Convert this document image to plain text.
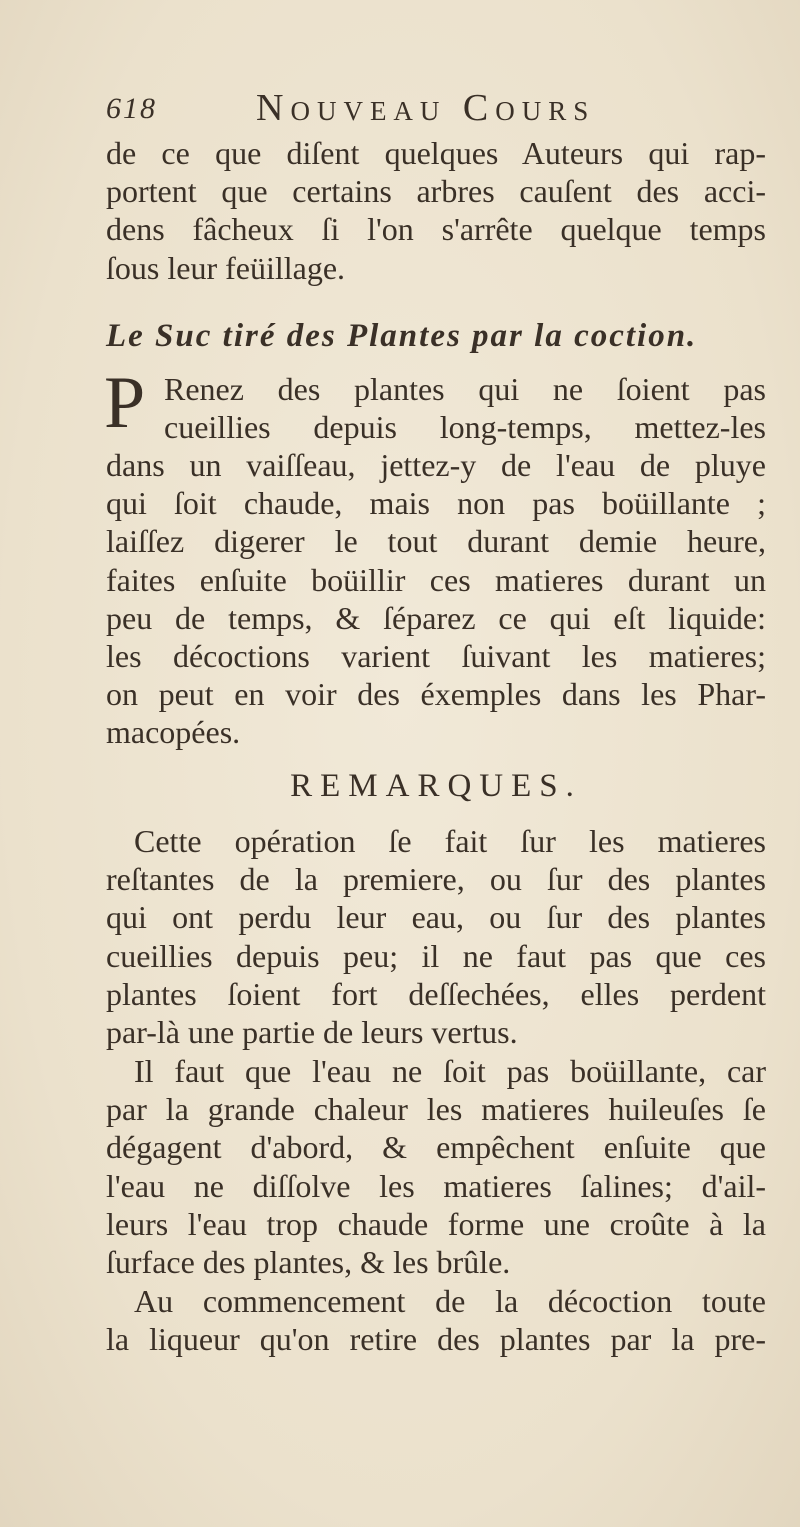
618	Nouveau Cours
de ce que diſent quelques Auteurs qui rap-
portent que certains arbres cauſent des acci-
dens fâcheux ſi l'on s'arrête quelque temps
ſous leur feüillage.
Le Suc tiré des Plantes par la coction.
P Renez des plantes qui ne ſoient pas
cueillies depuis long-temps, mettez-les
dans un vaiſſeau, jettez-y de l'eau de pluye
qui ſoit chaude, mais non pas boüillante ;
laiſſez digerer le tout durant demie heure,
faites enſuite boüillir ces matieres durant un
peu de temps, & ſéparez ce qui eſt liquide:
les décoctions varient ſuivant les matieres;
on peut en voir des éxemples dans les Phar-
macopées.
REMARQUES.
Cette opération ſe fait ſur les matieres
reſtantes de la premiere, ou ſur des plantes
qui ont perdu leur eau, ou ſur des plantes
cueillies depuis peu; il ne faut pas que ces
plantes ſoient fort deſſechées, elles perdent
par-là une partie de leurs vertus.
Il faut que l'eau ne ſoit pas boüillante, car
par la grande chaleur les matieres huileuſes ſe
dégagent d'abord, & empêchent enſuite que
l'eau ne diſſolve les matieres ſalines; d'ail-
leurs l'eau trop chaude forme une croûte à la
ſurface des plantes, & les brûle.
Au commencement de la décoction toute
la liqueur qu'on retire des plantes par la pre-
